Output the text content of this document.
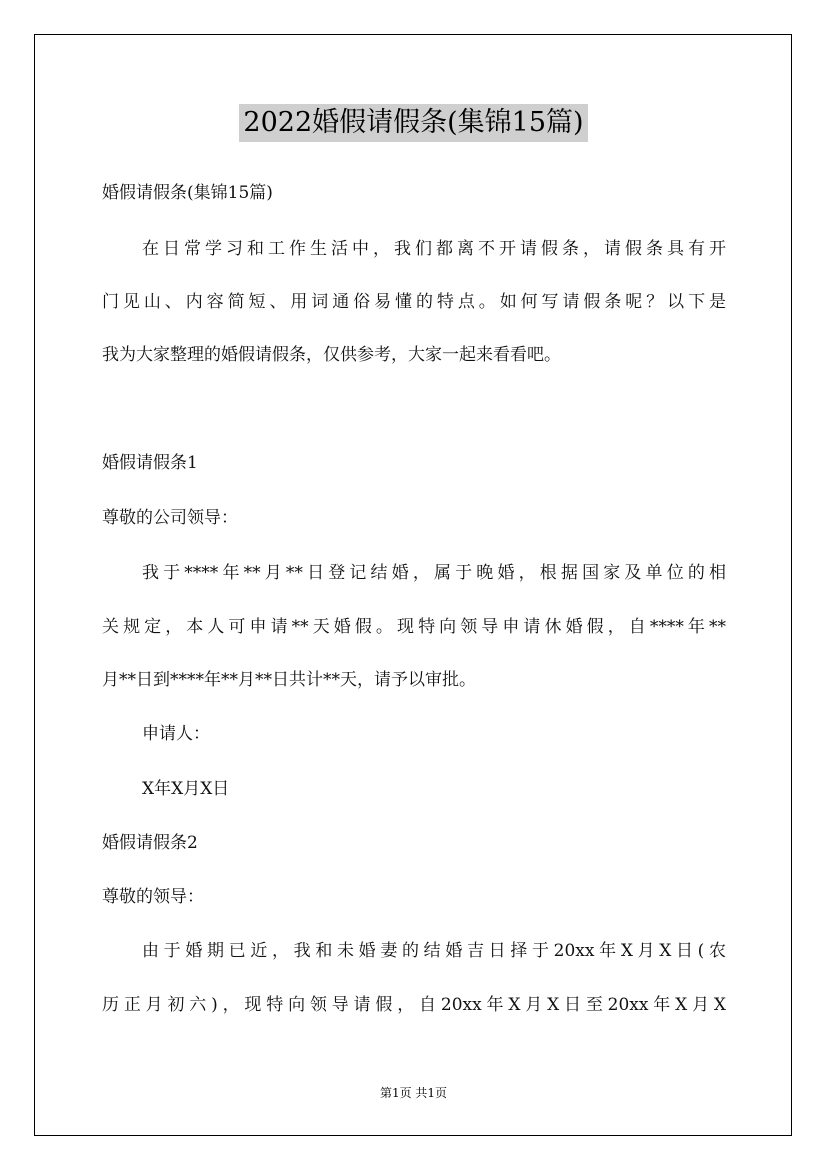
2022婚假请假条(集锦15篇)
婚假请假条(集锦15篇)
在日常学习和工作生活中，我们都离不开请假条，请假条具有开
门见山、内容简短、用词通俗易懂的特点。如何写请假条呢？以下是
我为大家整理的婚假请假条，仅供参考，大家一起来看看吧。
婚假请假条1
尊敬的公司领导：
我于****年**月**日登记结婚，属于晚婚，根据国家及单位的相
关规定，本人可申请**天婚假。现特向领导申请休婚假，自****年**
月**日到****年**月**日共计**天，请予以审批。
申请人：
X年X月X日
婚假请假条2
尊敬的领导：
由于婚期已近，我和未婚妻的结婚吉日择于20xx年X月X日(农
历正月初六)，现特向领导请假，自20xx年X月X日至20xx年X月X
第1页 共1页
